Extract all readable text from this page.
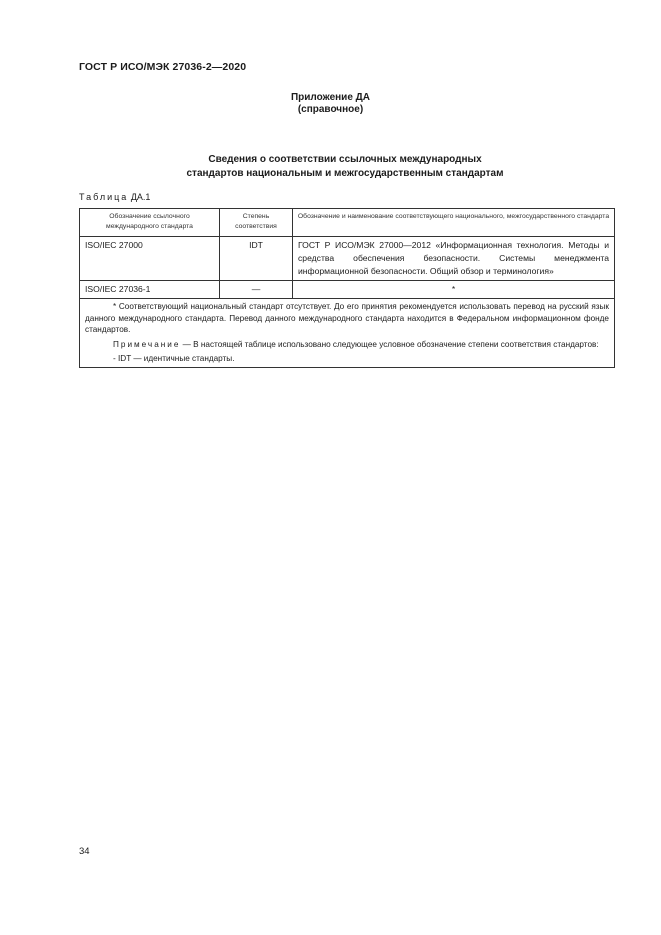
ГОСТ Р ИСО/МЭК 27036-2—2020
Приложение ДА
(справочное)
Сведения о соответствии ссылочных международных
стандартов национальным и межгосударственным стандартам
Таблица ДА.1
Обозначение ссылочного международного стандарта	Степень соответствия	Обозначение и наименование соответствующего национального, межгосударственного стандарта
ISO/IEC 27000	IDT	ГОСТ Р ИСО/МЭК 27000—2012 «Информационная технология. Методы и средства обеспечения безопасности. Системы менеджмента информационной безопасности. Общий обзор и терминология»
ISO/IEC 27036-1	—	*

* Соответствующий национальный стандарт отсутствует. До его принятия рекомендуется использовать перевод на русский язык данного международного стандарта. Перевод данного международного стандарта находится в Федеральном информационном фонде стандартов.

Примечание — В настоящей таблице использовано следующее условное обозначение степени соответствия стандартов:

- IDT — идентичные стандарты.		

34
